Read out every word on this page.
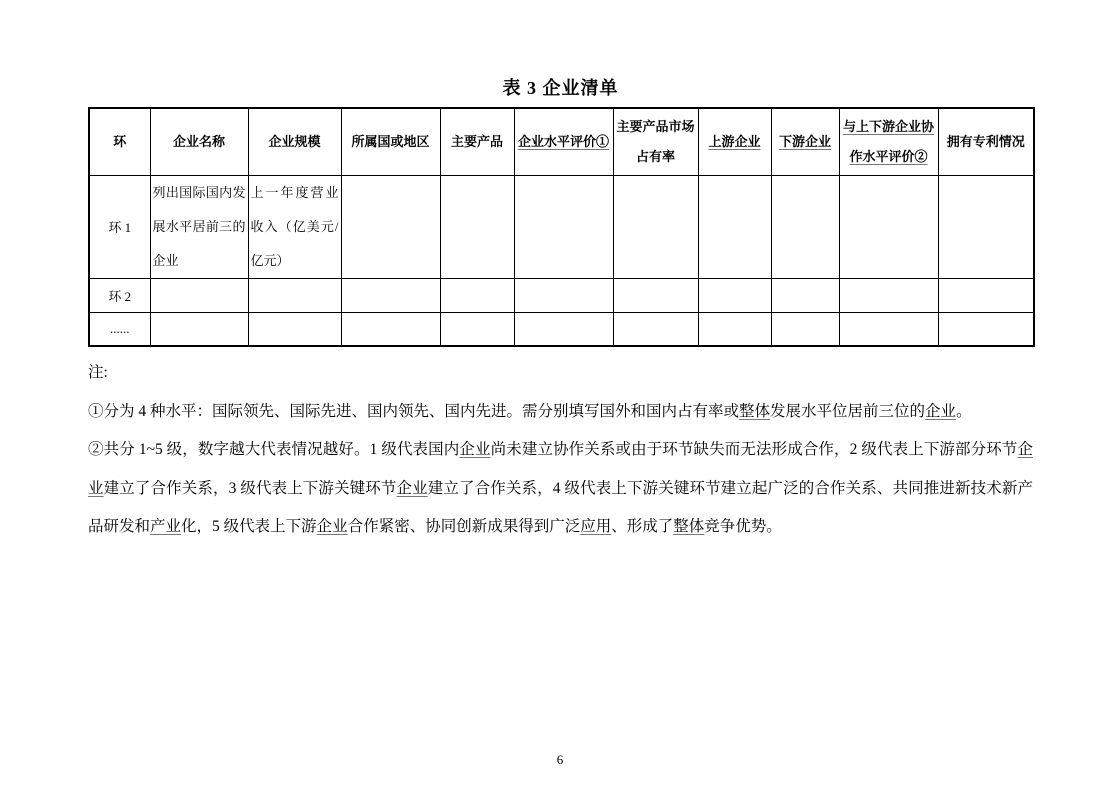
表 3 企业清单
环	企业名称	企业规模	所属国或地区	主要产品	企业水平评价①	主要产品市场占有率	上游企业	下游企业	与上下游企业协作水平评价②	拥有专利情况
环 1	列出国际国内发展水平居前三的企业	上一年度营业收入（亿美元/亿元）								
环 2										
......										

注:

①分为 4 种水平：国际领先、国际先进、国内领先、国内先进。需分别填写国外和国内占有率或整体发展水平位居前三位的企业。

②共分 1~5 级，数字越大代表情况越好。1 级代表国内企业尚未建立协作关系或由于环节缺失而无法形成合作，2 级代表上下游部分环节企业建立了合作关系，3 级代表上下游关键环节企业建立了合作关系，4 级代表上下游关键环节建立起广泛的合作关系、共同推进新技术新产品研发和产业化，5 级代表上下游企业合作紧密、协同创新成果得到广泛应用、形成了整体竞争优势。

6
